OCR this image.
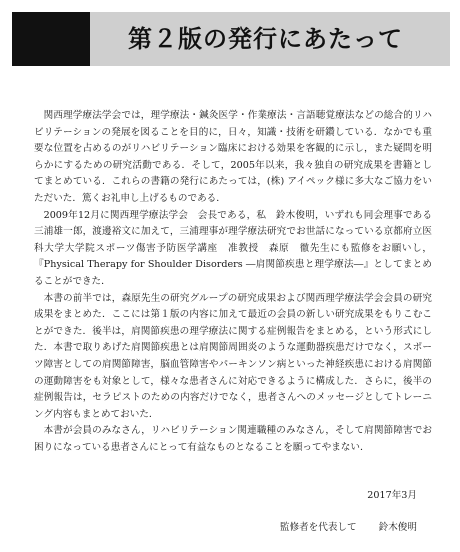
第２版の発行にあたって

関西理学療法学会では，理学療法・鍼灸医学・作業療法・言語聴覚療法などの総合的リハビリテーションの発展を図ることを目的に，日々，知識・技術を研鑽している．なかでも重要な位置を占めるのがリハビリテーション臨床における効果を客観的に示し，また疑問を明らかにするための研究活動である．そして，2005年以来，我々独自の研究成果を書籍としてまとめている．これらの書籍の発行にあたっては，(株) アイペック様に多大なご協力をいただいた．篤くお礼申し上げるものである．

2009年12月に関西理学療法学会　会長である，私　鈴木俊明，いずれも同会理事である三浦雄一郎，渡邊裕文に加えて，三浦理事が理学療法研究でお世話になっている京都府立医科大学大学院スポーツ傷害予防医学講座　准教授　森原　徹先生にも監修をお願いし，『Physical Therapy for Shoulder Disorders ―肩関節疾患と理学療法―』としてまとめることができた．

本書の前半では，森原先生の研究グループの研究成果および関西理学療法学会会員の研究成果をまとめた．ここには第１版の内容に加えて最近の会員の新しい研究成果をもりこむことができた．後半は，肩関節疾患の理学療法に関する症例報告をまとめる，という形式にした．本書で取りあげた肩関節疾患とは肩関節周囲炎のような運動器疾患だけでなく，スポーツ障害としての肩関節障害，脳血管障害やパーキンソン病といった神経疾患における肩関節の運動障害をも対象として，様々な患者さんに対応できるように構成した．さらに，後半の症例報告は，セラピストのための内容だけでなく，患者さんへのメッセージとしてトレーニング内容もまとめておいた．

本書が会員のみなさん，リハビリテーション関連職種のみなさん，そして肩関節障害でお困りになっている患者さんにとって有益なものとなることを願ってやまない．

2017年3月
監修者を代表して 鈴木俊明
